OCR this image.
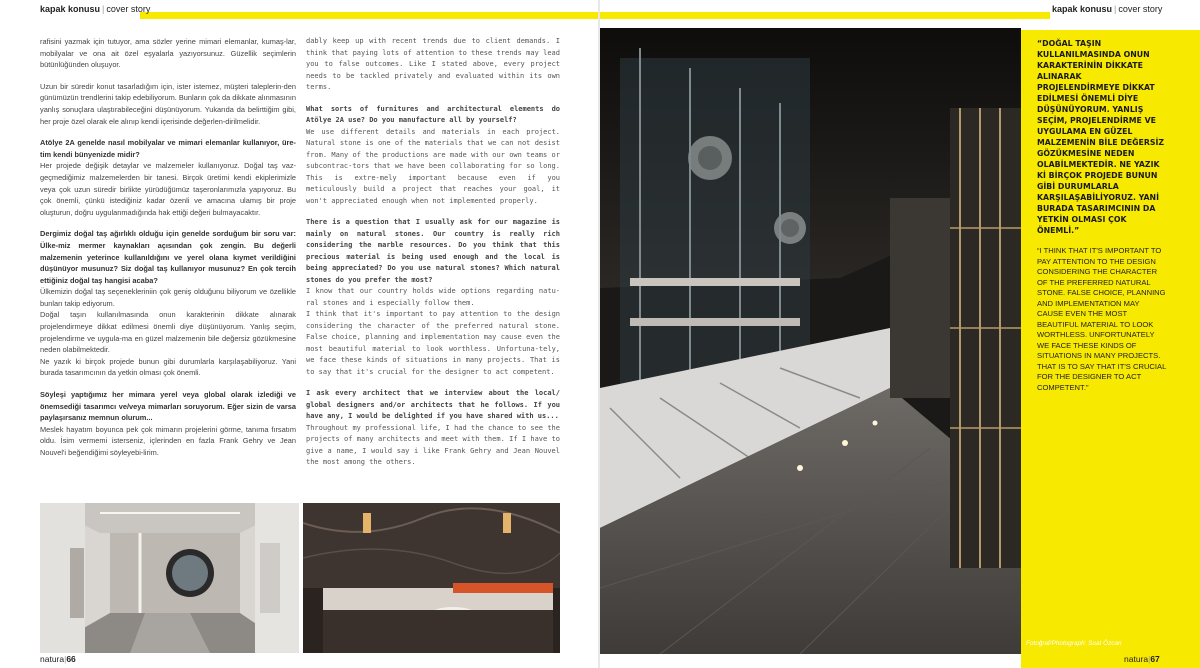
kapak konusu | cover story	kapak konusu | cover story

rafisini yazmak için tutuyor, ama sözler yerine mimari elemanlar, kumaş-lar, mobilyalar ve ona ait özel eşyalarla yazıyorsunuz. Güzellik seçimlerin bütünlüğünden oluşuyor.

Uzun bir süredir konut tasarladığım için, ister istemez, müşteri taleplerin-den günümüzün trendlerini takip edebiliyorum. Bunların çok da dikkate alınmasının yanlış sonuçlara ulaştırabileceğini düşünüyorum. Yukarıda da belirttiğim gibi, her proje özel olarak ele alınıp kendi içerisinde değerlen-dirilmelidir.

Atölye 2A genelde nasıl mobilyalar ve mimari elemanlar kullanıyor, üre-tim kendi bünyenizde midir?

Her projede değişik detaylar ve malzemeler kullanıyoruz. Doğal taş vaz-geçmediğimiz malzemelerden bir tanesi. Birçok üretimi kendi ekiplerimizle veya çok uzun süredir birlikte yürüdüğümüz taşeronlarımızla yapıyoruz. Bu çok önemli, çünkü istediğiniz kadar özenli ve amacına ulamış bir proje oluşturun, doğru uygulanmadığında hak ettiği değeri bulmayacaktır.

Dergimiz doğal taş ağırlıklı olduğu için genelde sorduğum bir soru var: Ülke-miz mermer kaynakları açısından çok zengin. Bu değerli malzemenin yeterince kullanıldığını ve yerel olana kıymet verildiğini düşünüyor musunuz? Siz doğal taş kullanıyor musunuz? En çok tercih ettiğiniz doğal taş hangisi acaba?

Ülkemizin doğal taş seçenekleriniin çok geniş olduğunu biliyorum ve özellikle bunları takip ediyorum.

Doğal taşın kullanılmasında onun karakterinin dikkate alınarak projelendirmeye dikkat edilmesi önemli diye düşünüyorum. Yanlış seçim, projelendirme ve uygula-ma en güzel malzemenin bile değersiz gözükmesine neden olabilmektedir.

Ne yazık ki birçok projede bunun gibi durumlarla karşılaşabiliyoruz. Yani burada tasarımcının da yetkin olması çok önemli.

Söyleşi yaptığımız her mimara yerel veya global olarak izlediği ve önemsediği tasarımcı ve/veya mimarları soruyorum. Eğer sizin de varsa paylaşırsanız memnun olurum...

Meslek hayatım boyunca pek çok mimarın projelerini görme, tanıma fırsatım oldu. İsim vermemi isterseniz, içlerinden en fazla Frank Gehry ve Jean Nouvel'i beğendiğimi söyleyebi-lirim.

dably keep up with recent trends due to client demands. I think that paying lots of attention to these trends may lead you to false outcomes. Like I stated above, every project needs to be tackled privately and evaluated within its own terms.

What sorts of furnitures and architectural elements do Atölye 2A use? Do you manufacture all by yourself?

We use different details and materials in each project. Natural stone is one of the materials that we can not desist from. Many of the productions are made with our own teams or subcontrac-tors that we have been collaborating for so long. This is extre-mely important because even if you meticulously build a project that reaches your goal, it won't appreciated enough when not implemented properly.

There is a question that I usually ask for our magazine is mainly on natural stones. Our country is really rich considering the marble resources. Do you think that this precious material is being used enough and the local is being appreciated? Do you use natural stones? Which natural stones do you prefer the most?

I know that our country holds wide options regarding natu-ral stones and i especially follow them.

I think that it's important to pay attention to the design considering the character of the preferred natural stone. False choice, planning and implementation may cause even the most beautiful material to look worthless. Unfortuna-tely, we face these kinds of situations in many projects. That is to say that it's crucial for the designer to act competent.

I ask every architect that we interview about the local/ global designers and/or architects that he follows. If you have any, I would be delighted if you have shared with us...

Throughout my professional life, I had the chance to see the projects of many architects and meet with them. If I have to give a name, I would say i like Frank Gehry and Jean Nouvel the most among the others.

“DOĞAL TAŞIN KULLANILMASINDA ONUN KARAKTERİNİN DİKKATE ALINARAK PROJELENDİRMEYE DİKKAT EDİLMESİ ÖNEMLİ DİYE DÜŞÜNÜYORUM. YANLIŞ SEÇİM, PROJELENDİRME VE UYGULAMA EN GÜZEL MALZEMENİN BİLE DEĞERSİZ GÖZÜKMESİNE NEDEN OLABİLMEKTEDİR. NE YAZIK Kİ BİRÇOK PROJEDE BUNUN GİBİ DURUMLARLA KARŞILAŞABİLİYORUZ. YANİ BURADA TASARIMCININ DA YETKİN OLMASI ÇOK ÖNEMLİ.”
“I THINK THAT IT'S IMPORTANT TO PAY ATTENTION TO THE DESIGN CONSIDERING THE CHARACTER OF THE PREFERRED NATURAL STONE. FALSE CHOICE, PLANNING AND IMPLEMENTATION MAY CAUSE EVEN THE MOST BEAUTIFUL MATERIAL TO LOOK WORTHLESS. UNFORTUNATELY WE FACE THESE KINDS OF SITUATIONS IN MANY PROJECTS. THAT IS TO SAY THAT IT'S CRUCIAL FOR THE DESIGNER TO ACT COMPETENT.”
Fotoğraf/Photograph: Suat Özcan
natura|66	natura|67
